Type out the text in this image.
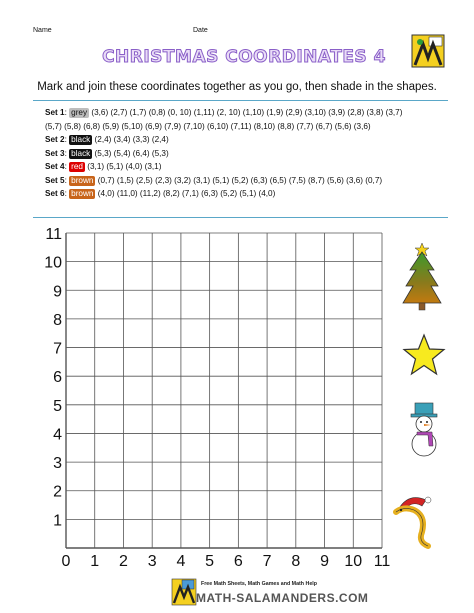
Name	Date
CHRISTMAS COORDINATES 4
Mark and join these coordinates together as you go, then shade in the shapes.
Set 1: grey (3,6) (2,7) (1,7) (0,8) (0, 10) (1,11) (2, 10) (1,10) (1,9) (2,9) (3,10) (3,9) (2,8) (3,8) (3,7)
(5,7) (5,8) (6,8) (5,9) (5,10) (6,9) (7,9) (7,10) (6,10) (7,11) (8,10) (8,8) (7,7) (6,7) (5,6) (3,6)
Set 2: black (2,4) (3,4) (3,3) (2,4)
Set 3: black (5,3) (5,4) (6,4) (5,3)
Set 4: red (3,1) (5,1) (4,0) (3,1)
Set 5: brown (0,7) (1,5) (2,5) (2,3) (3,2) (3,1) (5,1) (5,2) (6,3) (6,5) (7,5) (8,7) (5,6) (3,6) (0,7)
Set 6: brown (4,0) (11,0) (11,2) (8,2) (7,1) (6,3) (5,2) (5,1) (4,0)
0 1 2 3 4 5 6 7 8 9 10 11
1
2
3
4
5
6
7
8
9
10
11
Free Math Sheets, Math Games and Math Help
MATH-SALAMANDERS.COM
